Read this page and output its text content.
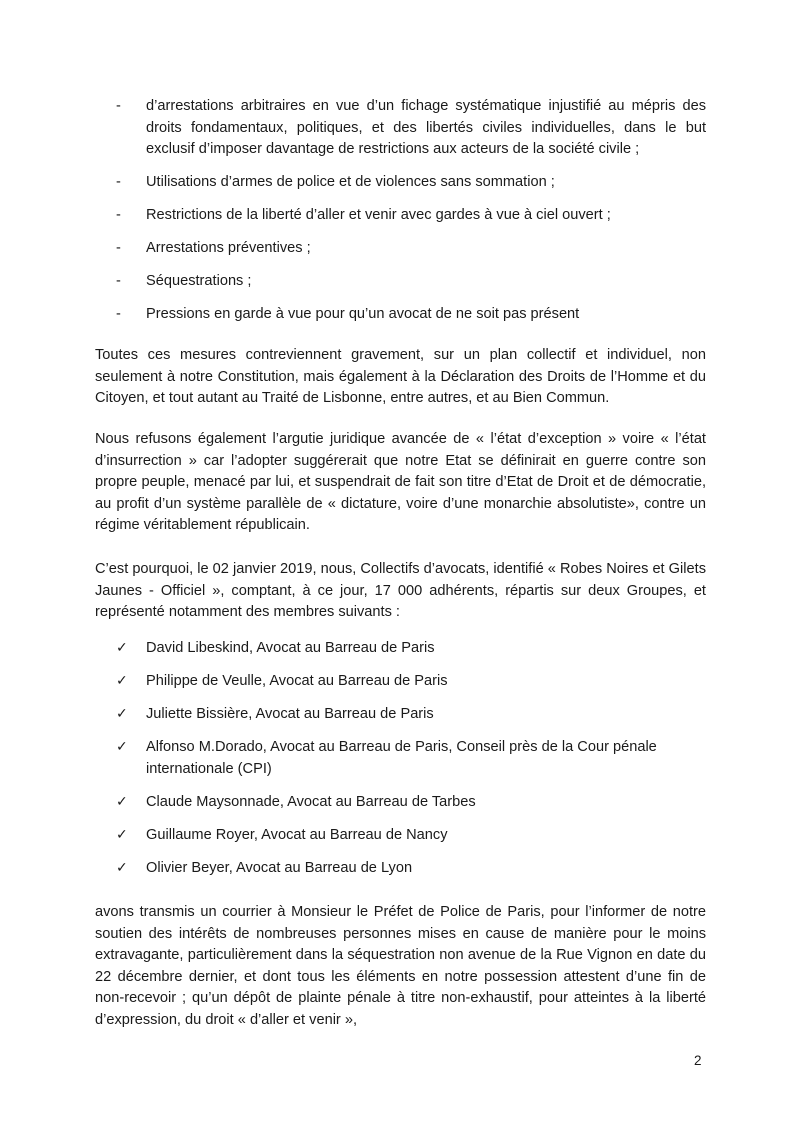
- d’arrestations arbitraires en vue d’un fichage systématique injustifié au mépris des droits fondamentaux, politiques, et des libertés civiles individuelles, dans le but exclusif d’imposer davantage de restrictions aux acteurs de la société civile ;
- Utilisations d’armes de police et de violences sans sommation ;
- Restrictions de la liberté d’aller et venir avec gardes à vue à ciel ouvert ;
- Arrestations préventives ;
- Séquestrations ;
- Pressions en garde à vue pour qu’un avocat de ne soit pas présent

Toutes ces mesures contreviennent gravement, sur un plan collectif et individuel, non seulement à notre Constitution, mais également à la Déclaration des Droits de l’Homme et du Citoyen, et tout autant au Traité de Lisbonne, entre autres, et au Bien Commun.

Nous refusons également l’argutie juridique avancée de « l’état d’exception » voire « l’état d’insurrection » car l’adopter suggérerait que notre Etat se définirait en guerre contre son propre peuple, menacé par lui, et suspendrait de fait son titre d’Etat de Droit et de démocratie, au profit d’un système parallèle de « dictature, voire d’une monarchie absolutiste», contre un régime véritablement républicain.

C’est pourquoi, le 02 janvier 2019, nous, Collectifs d’avocats, identifié « Robes Noires et Gilets Jaunes - Officiel », comptant, à ce jour, 17 000 adhérents, répartis sur deux Groupes, et représenté notamment des membres suivants :

✓ David Libeskind, Avocat au Barreau de Paris
✓ Philippe de Veulle, Avocat au Barreau de Paris
✓ Juliette Bissière, Avocat au Barreau de Paris
✓ Alfonso M.Dorado, Avocat au Barreau de Paris, Conseil près de la Cour pénale internationale (CPI)
✓ Claude Maysonnade, Avocat au Barreau de Tarbes
✓ Guillaume Royer, Avocat au Barreau de Nancy
✓ Olivier Beyer, Avocat au Barreau de Lyon

avons transmis un courrier à Monsieur le Préfet de Police de Paris, pour l’informer de notre soutien des intérêts de nombreuses personnes mises en cause de manière pour le moins extravagante, particulièrement dans la séquestration non avenue de la Rue Vignon en date du 22 décembre dernier, et dont tous les éléments en notre possession attestent d’une fin de non-recevoir ; qu’un dépôt de plainte pénale à titre non-exhaustif, pour atteintes à la liberté d’expression, du droit « d’aller et venir »,

2
